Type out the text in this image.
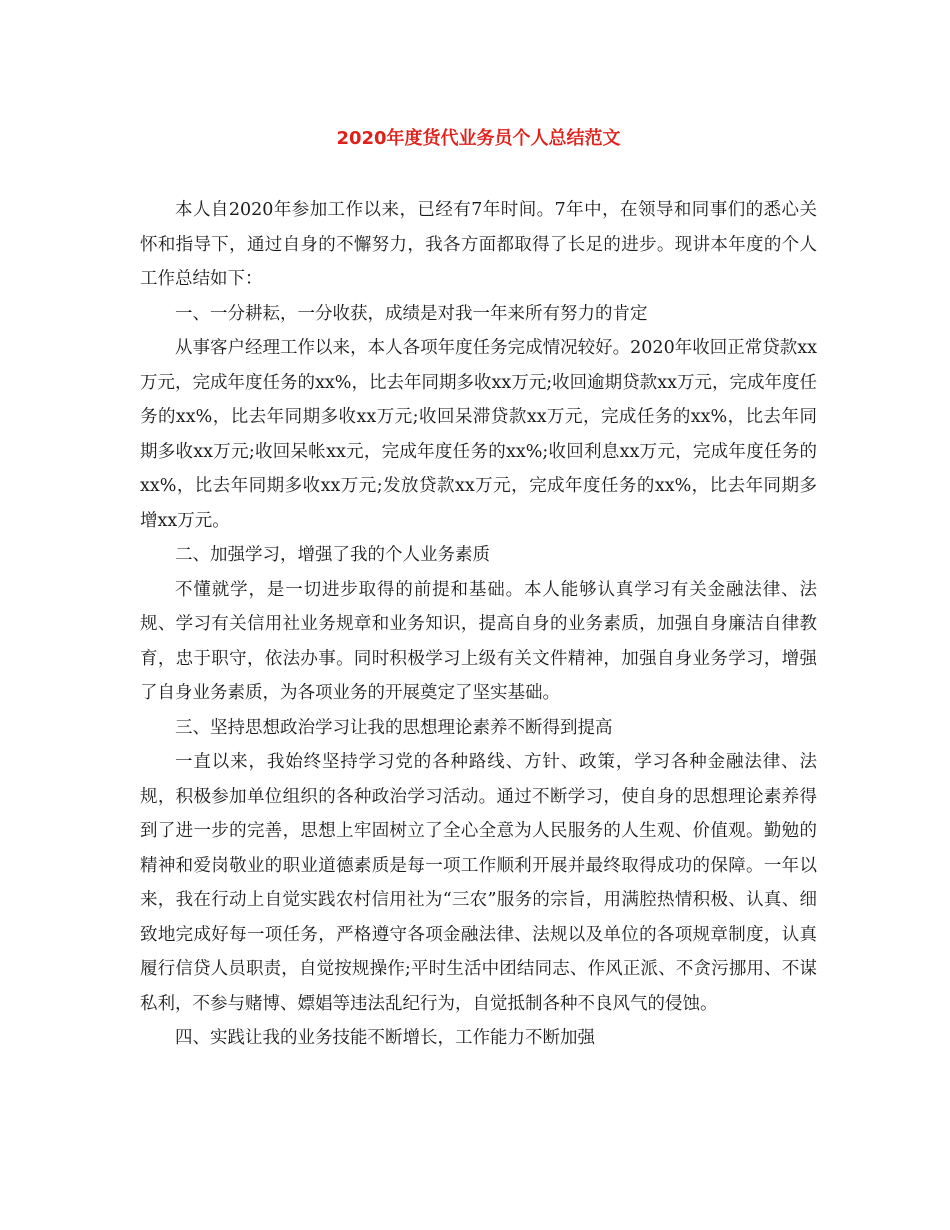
2020年度货代业务员个人总结范文

本人自2020年参加工作以来，已经有7年时间。7年中，在领导和同事们的悉心关怀和指导下，通过自身的不懈努力，我各方面都取得了长足的进步。现讲本年度的个人工作总结如下：

一、一分耕耘，一分收获，成绩是对我一年来所有努力的肯定

从事客户经理工作以来，本人各项年度任务完成情况较好。2020年收回正常贷款xx万元，完成年度任务的xx%，比去年同期多收xx万元;收回逾期贷款xx万元，完成年度任务的xx%，比去年同期多收xx万元;收回呆滞贷款xx万元，完成任务的xx%，比去年同期多收xx万元;收回呆帐xx元，完成年度任务的xx%;收回利息xx万元，完成年度任务的xx%，比去年同期多收xx万元;发放贷款xx万元，完成年度任务的xx%，比去年同期多增xx万元。

二、加强学习，增强了我的个人业务素质

不懂就学，是一切进步取得的前提和基础。本人能够认真学习有关金融法律、法规、学习有关信用社业务规章和业务知识，提高自身的业务素质，加强自身廉洁自律教育，忠于职守，依法办事。同时积极学习上级有关文件精神，加强自身业务学习，增强了自身业务素质，为各项业务的开展奠定了坚实基础。

三、坚持思想政治学习让我的思想理论素养不断得到提高

一直以来，我始终坚持学习党的各种路线、方针、政策，学习各种金融法律、法规，积极参加单位组织的各种政治学习活动。通过不断学习，使自身的思想理论素养得到了进一步的完善，思想上牢固树立了全心全意为人民服务的人生观、价值观。勤勉的精神和爱岗敬业的职业道德素质是每一项工作顺利开展并最终取得成功的保障。一年以来，我在行动上自觉实践农村信用社为“三农”服务的宗旨，用满腔热情积极、认真、细致地完成好每一项任务，严格遵守各项金融法律、法规以及单位的各项规章制度，认真履行信贷人员职责，自觉按规操作;平时生活中团结同志、作风正派、不贪污挪用、不谋私利，不参与赌博、嫖娼等违法乱纪行为，自觉抵制各种不良风气的侵蚀。

四、实践让我的业务技能不断增长，工作能力不断加强
